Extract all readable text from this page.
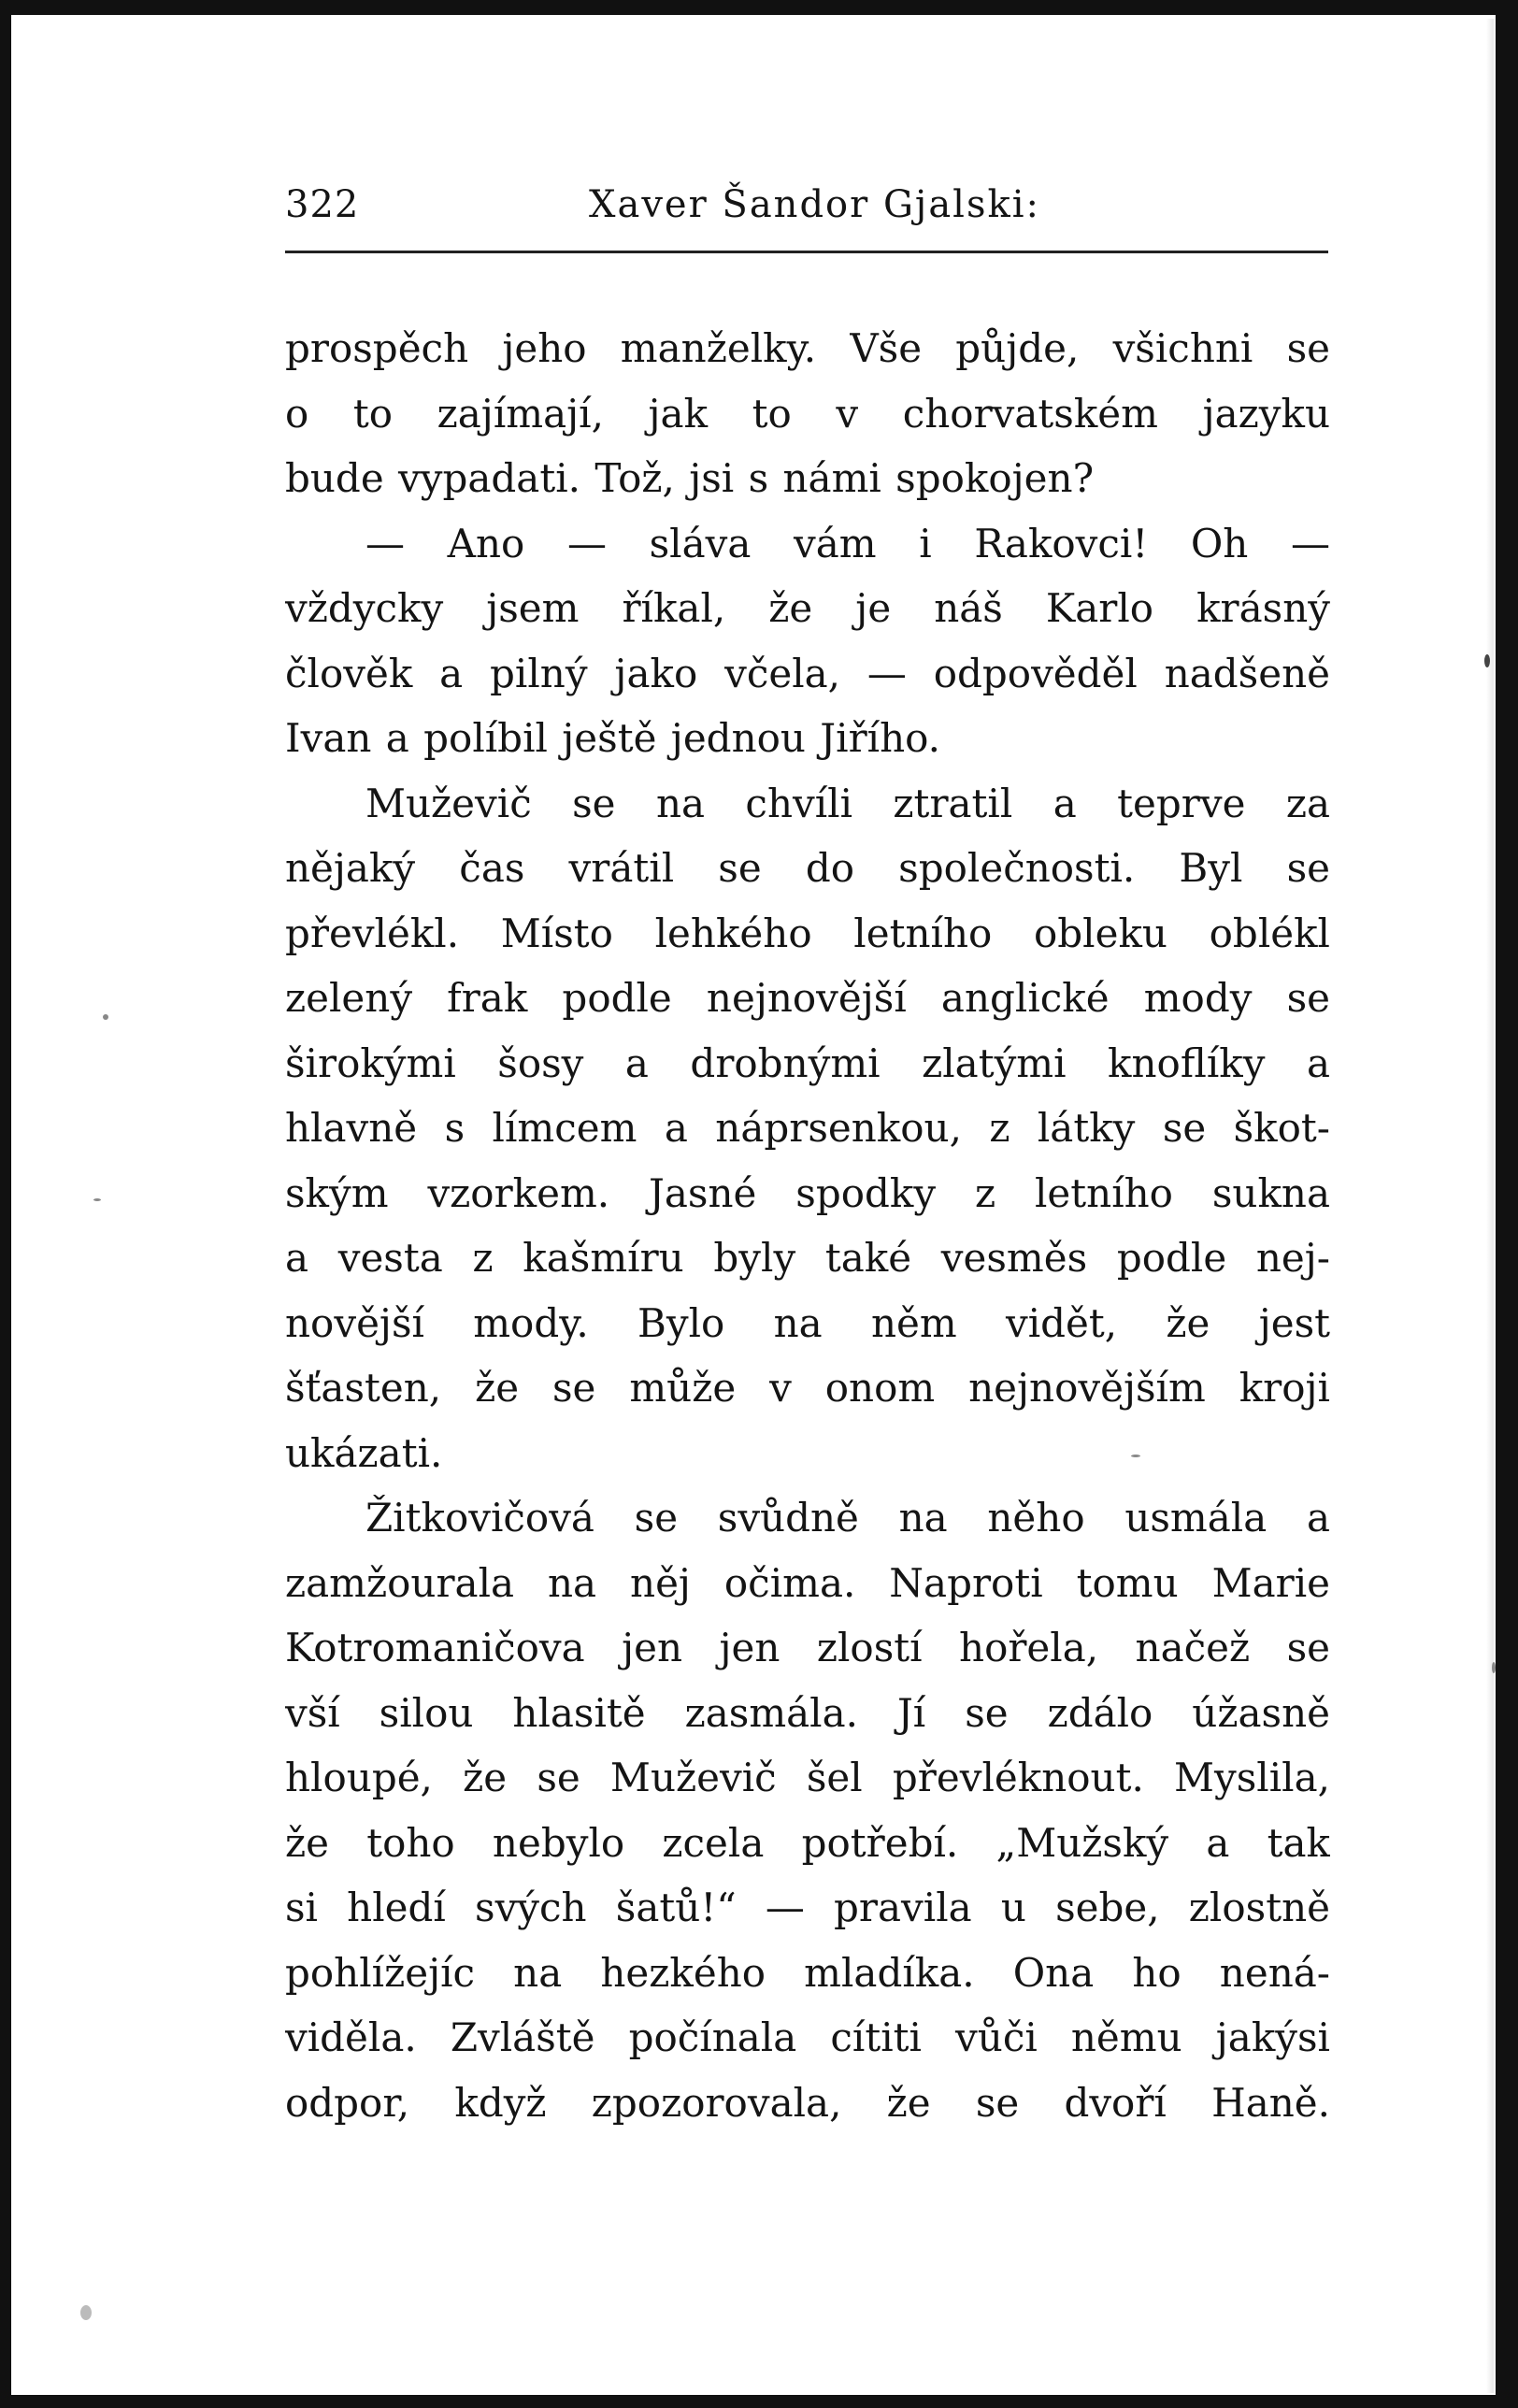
322	Xaver Šandor Gjalski:
prospěch jeho manželky. Vše půjde, všichni se
o to zajímají, jak to v chorvatském jazyku
bude vypadati. Tož, jsi s námi spokojen?
— Ano — sláva vám i Rakovci! Oh —
vždycky jsem říkal, že je náš Karlo krásný
člověk a pilný jako včela, — odpověděl nadšeně
Ivan a políbil ještě jednou Jiřího.
Muževič se na chvíli ztratil a teprve za
nějaký čas vrátil se do společnosti. Byl se
převlékl. Místo lehkého letního obleku oblékl
zelený frak podle nejnovější anglické mody se
širokými šosy a drobnými zlatými knoflíky a
hlavně s límcem a náprsenkou, z látky se škot-
ským vzorkem. Jasné spodky z letního sukna
a vesta z kašmíru byly také vesměs podle nej-
novější mody. Bylo na něm vidět, že jest
šťasten, že se může v onom nejnovějším kroji
ukázati.
Žitkovičová se svůdně na něho usmála a
zamžourala na něj očima. Naproti tomu Marie
Kotromaničova jen jen zlostí hořela, načež se
vší silou hlasitě zasmála. Jí se zdálo úžasně
hloupé, že se Muževič šel převléknout. Myslila,
že toho nebylo zcela potřebí. „Mužský a tak
si hledí svých šatů!“ — pravila u sebe, zlostně
pohlížejíc na hezkého mladíka. Ona ho nená-
viděla. Zvláště počínala cítiti vůči němu jakýsi
odpor, když zpozorovala, že se dvoří Haně.
